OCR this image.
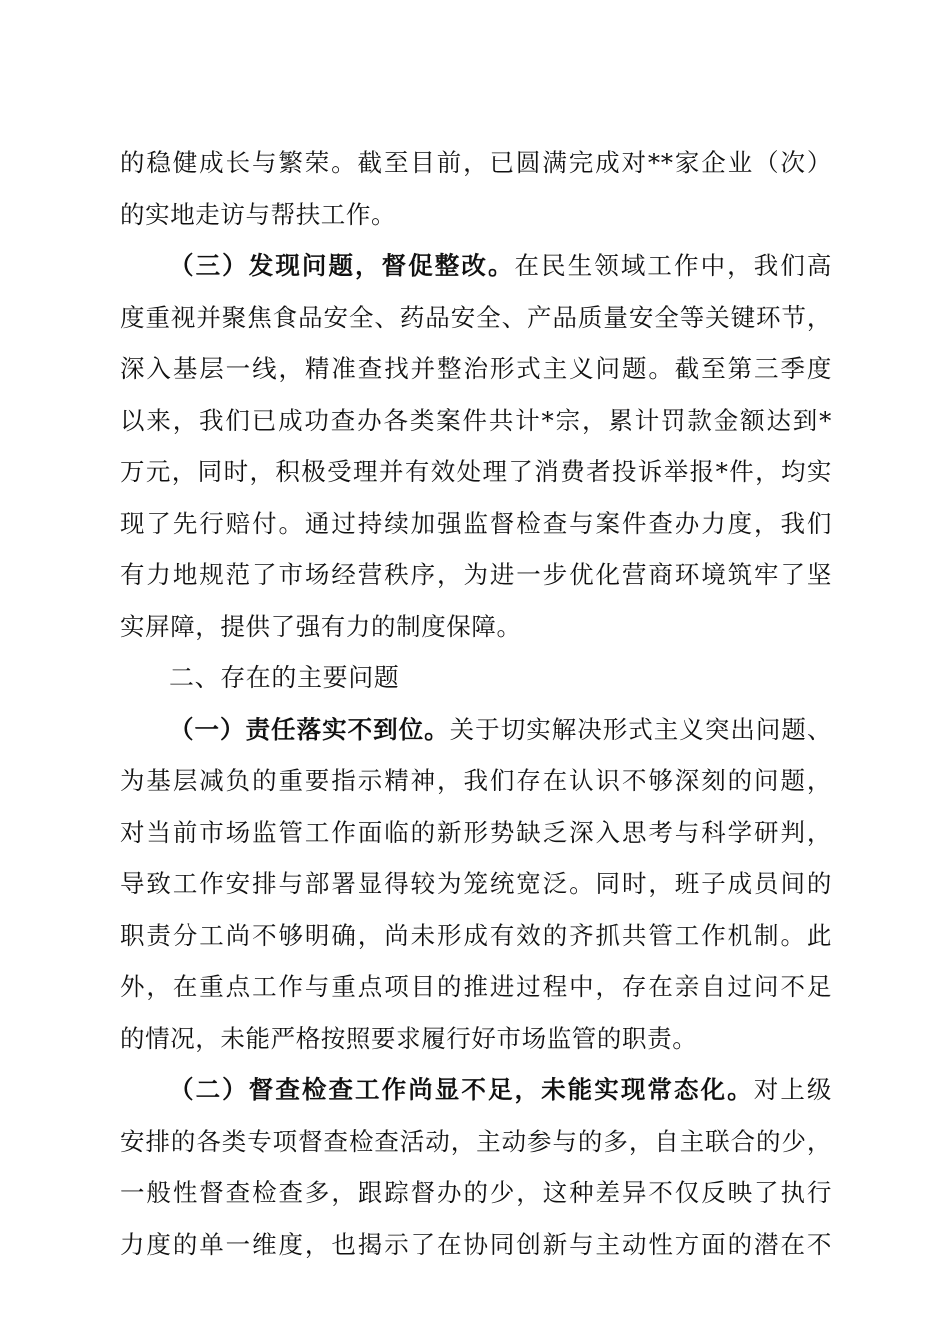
的稳健成长与繁荣。截至目前，已圆满完成对**家企业（次）
的实地走访与帮扶工作。
（三）发现问题，督促整改。在民生领域工作中，我们高
度重视并聚焦食品安全、药品安全、产品质量安全等关键环节，
深入基层一线，精准查找并整治形式主义问题。截至第三季度
以来，我们已成功查办各类案件共计*宗，累计罚款金额达到*
万元，同时，积极受理并有效处理了消费者投诉举报*件，均实
现了先行赔付。通过持续加强监督检查与案件查办力度，我们
有力地规范了市场经营秩序，为进一步优化营商环境筑牢了坚
实屏障，提供了强有力的制度保障。
二、存在的主要问题
（一）责任落实不到位。关于切实解决形式主义突出问题、
为基层减负的重要指示精神，我们存在认识不够深刻的问题，
对当前市场监管工作面临的新形势缺乏深入思考与科学研判，
导致工作安排与部署显得较为笼统宽泛。同时，班子成员间的
职责分工尚不够明确，尚未形成有效的齐抓共管工作机制。此
外，在重点工作与重点项目的推进过程中，存在亲自过问不足
的情况，未能严格按照要求履行好市场监管的职责。
（二）督查检查工作尚显不足，未能实现常态化。对上级
安排的各类专项督查检查活动，主动参与的多，自主联合的少，
一般性督查检查多，跟踪督办的少，这种差异不仅反映了执行
力度的单一维度，也揭示了在协同创新与主动性方面的潜在不
